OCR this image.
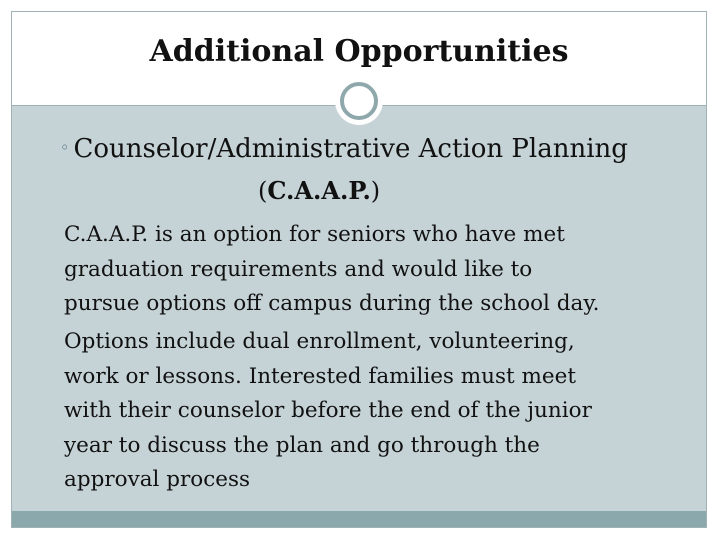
Additional Opportunities
◦ Counselor/Administrative Action Planning
(C.A.A.P.)
C.A.A.P. is an option for seniors who have met
graduation requirements and would like to
pursue options off campus during the school day.
Options include dual enrollment, volunteering,
work or lessons. Interested families must meet
with their counselor before the end of the junior
year to discuss the plan and go through the
approval process
